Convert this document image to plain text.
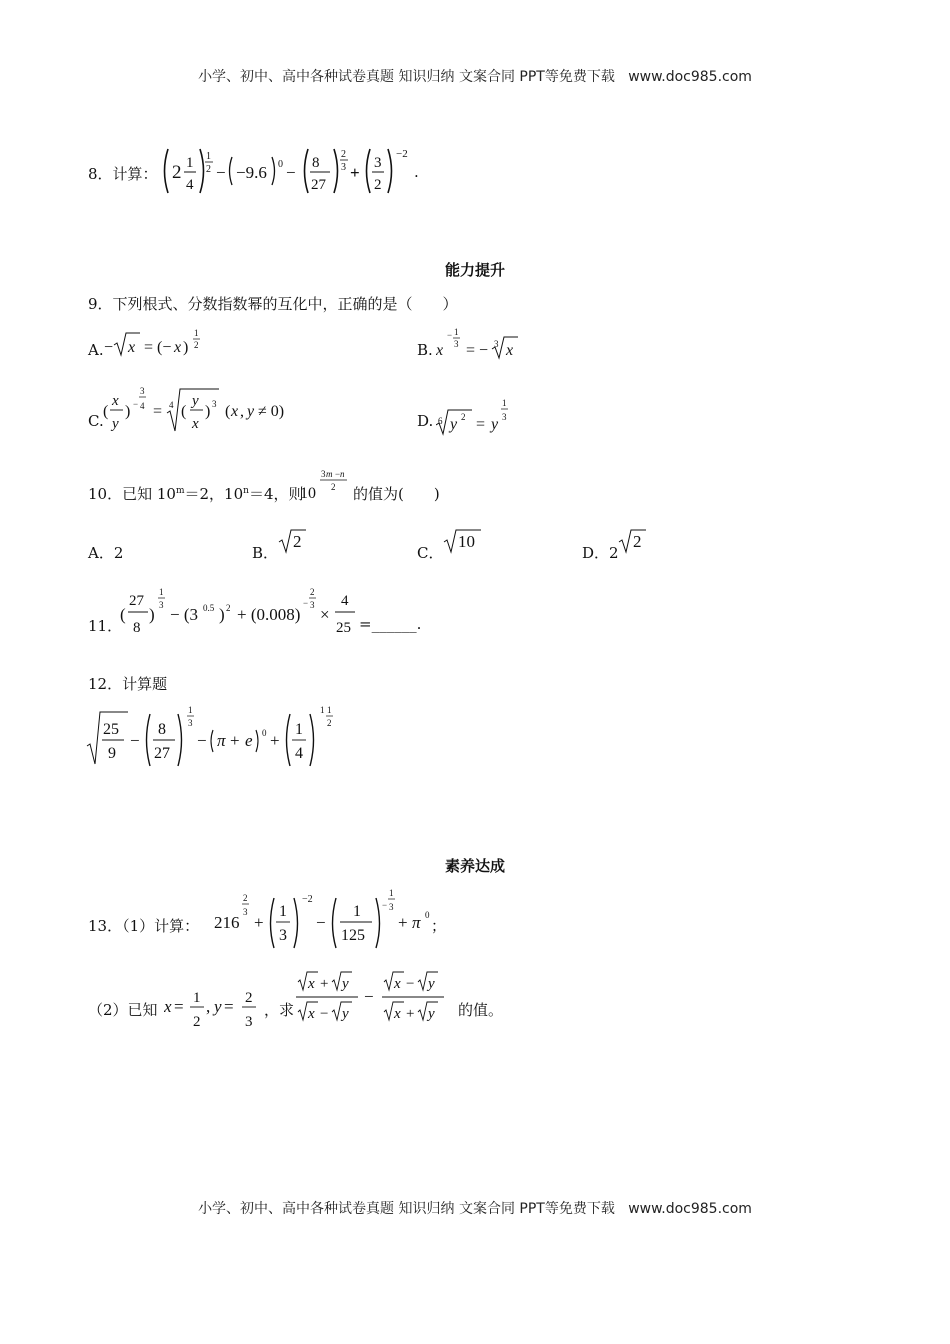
小学、初中、高中各种试卷真题 知识归纳 文案合同 PPT等免费下载   www.doc985.com
8．计算： 2 1
4
1
2 − −9.6 0 − 8
27
2
3 + 3
2
−2
.
能力提升
9．下列根式、分数指数幂的互化中，正确的是（　　）
A. − x = (− x )
1
2	B. x
− 1
3 = − 3 x
C.
(
x
y
) −
3
4 = 4 (
y
x
) 3 ( x , y ≠ 0)
D. 6 y 2 = y
1
3
10．已知 $10^m=2$，$10^n=4$，则
10
3 m − n
2 的值为(　　)
A．2	B．
2
C．
10
D．2
2
11．
(
27
8
)
1
3 − (3 0.5 ) 2 + (0.008)
−
2
3 ×
4
25 =______.
12．计算题
25
9
−
8
27
1
3
− π + e 0 +
1
4
1 1
2
素养达成
13．（1）计算： 216
2
3
+
1
3
−2
−
1
125
−
1
3
+ π 0
；
（2）已知 x = 1
2
, y = 2
3
，求
x + y
x − y
−
x − y
x + y 的值。
小学、初中、高中各种试卷真题 知识归纳 文案合同 PPT等免费下载   www.doc985.com
